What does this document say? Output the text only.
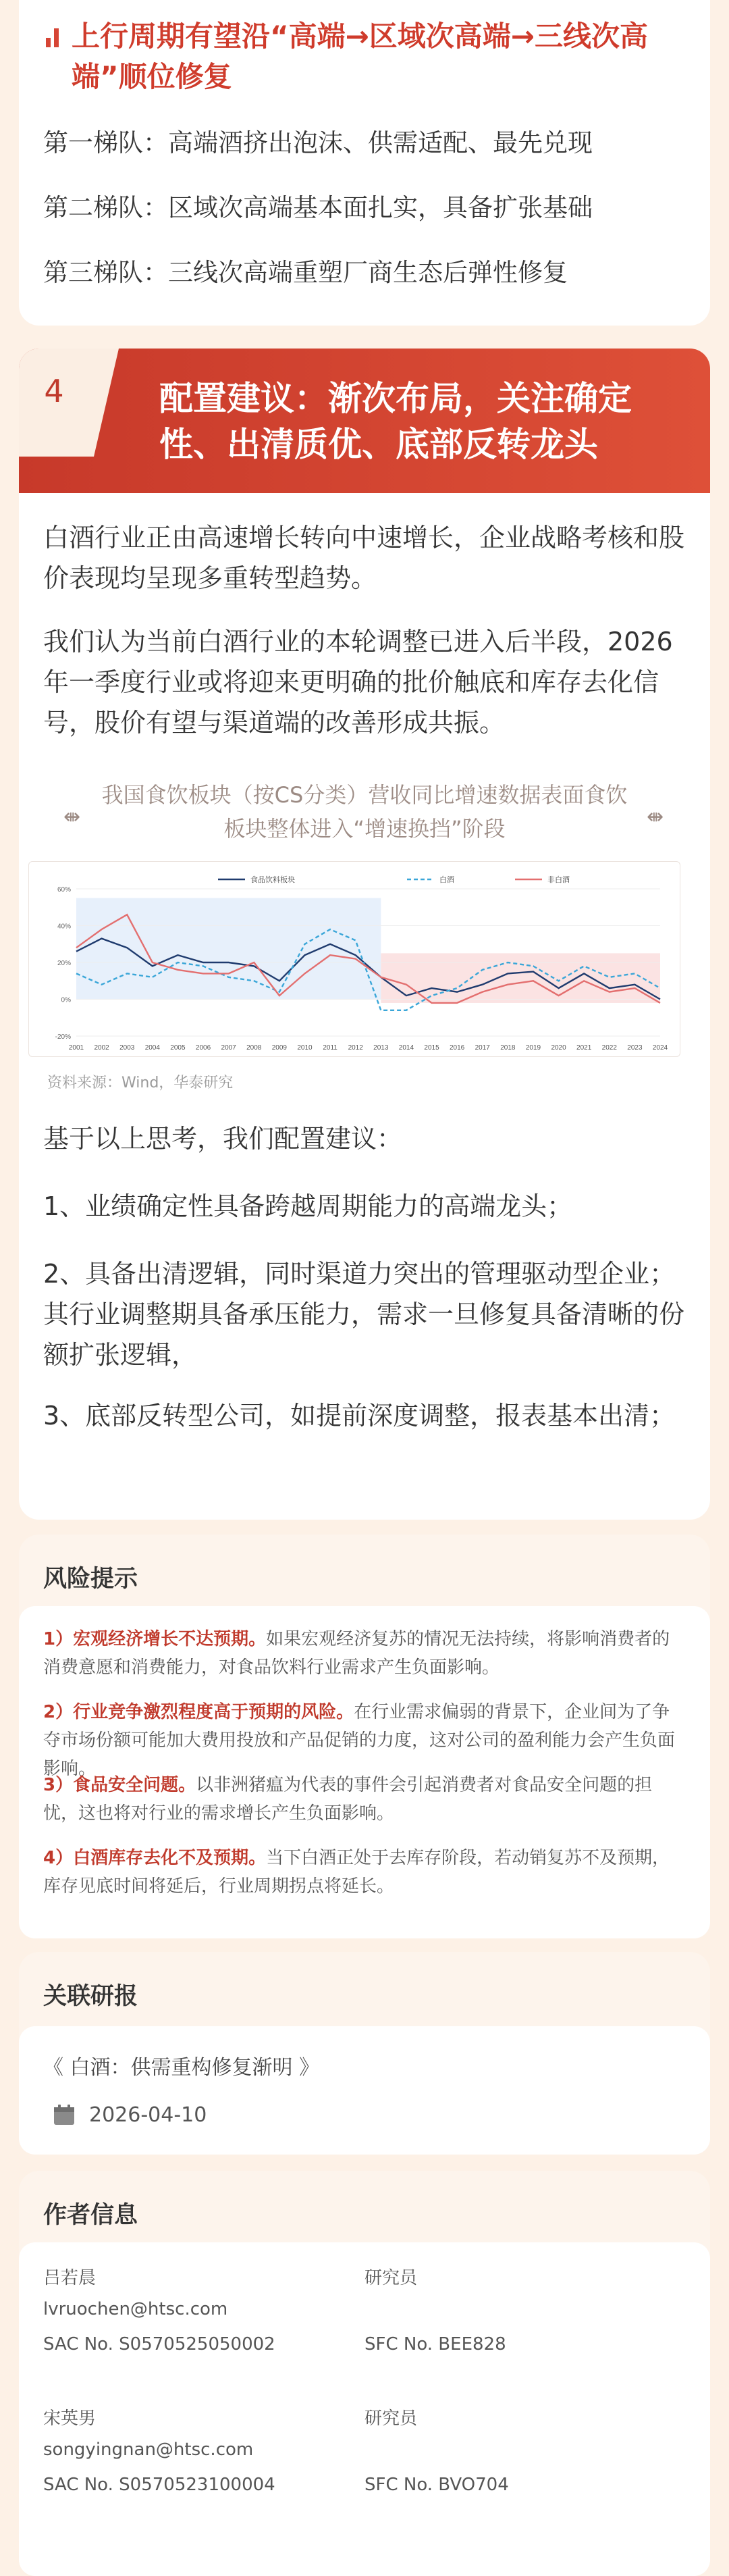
上行周期有望沿“高端→区域次高端→三线次高端”顺位修复
第一梯队：高端酒挤出泡沫、供需适配、最先兑现
第二梯队：区域次高端基本面扎实，具备扩张基础
第三梯队：三线次高端重塑厂商生态后弹性修复
4	配置建议：渐次布局，关注确定性、出清质优、底部反转龙头
白酒行业正由高速增长转向中速增长，企业战略考核和股价表现均呈现多重转型趋势。
我们认为当前白酒行业的本轮调整已进入后半段，2026年一季度行业或将迎来更明确的批价触底和库存去化信号，股价有望与渠道端的改善形成共振。
⇼
我国食饮板块（按CS分类）营收同比增速数据表面食饮板块整体进入“增速换挡”阶段	⇼
资料来源：Wind，华泰研究
基于以上思考，我们配置建议：
1、业绩确定性具备跨越周期能力的高端龙头；
2、具备出清逻辑，同时渠道力突出的管理驱动型企业；其行业调整期具备承压能力，需求一旦修复具备清晰的份额扩张逻辑，
3、底部反转型公司，如提前深度调整，报表基本出清；
60%
40%
20%
0%
-20%
2001 2002 2003 2004 2005 2006 2007 2008 2009 2010 2011 2012 2013 2014 2015 2016 2017 2018 2019 2020 2021 2022 2023 2024
食品饮料板块	白酒	非白酒
风险提示
1）宏观经济增长不达预期。如果宏观经济复苏的情况无法持续，将影响消费者的消费意愿和消费能力，对食品饮料行业需求产生负面影响。
2）行业竞争激烈程度高于预期的风险。在行业需求偏弱的背景下，企业间为了争夺市场份额可能加大费用投放和产品促销的力度，这对公司的盈利能力会产生负面影响。
3）食品安全问题。以非洲猪瘟为代表的事件会引起消费者对食品安全问题的担忧，这也将对行业的需求增长产生负面影响。
4）白酒库存去化不及预期。当下白酒正处于去库存阶段，若动销复苏不及预期，库存见底时间将延后，行业周期拐点将延长。
关联研报
《 白酒：供需重构修复渐明 》
2026-04-10
作者信息
吕若晨	研究员
lvruochen@htsc.com
SAC No. S0570525050002	SFC No. BEE828
宋英男	研究员
songyingnan@htsc.com
SAC No. S0570523100004	SFC No. BVO704
